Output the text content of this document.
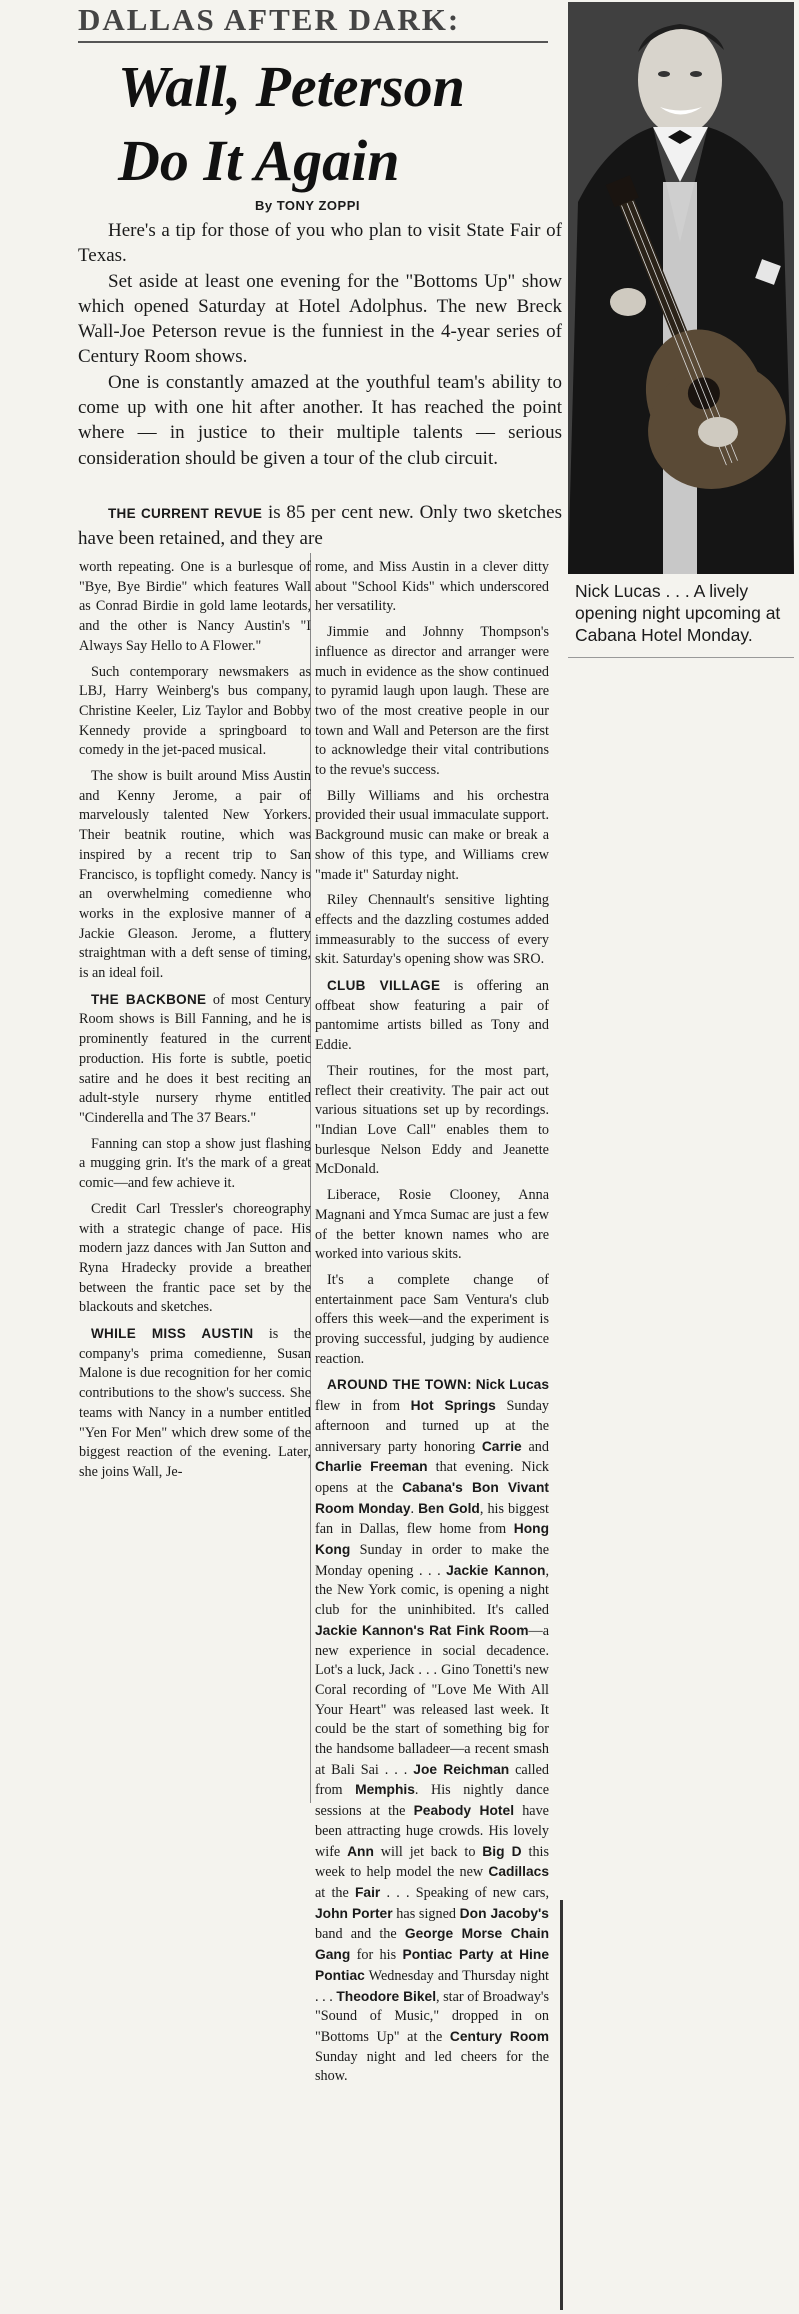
DALLAS AFTER DARK:
Wall, Peterson
Do It Again
By TONY ZOPPI

Here's a tip for those of you who plan to visit State Fair of Texas.

Set aside at least one evening for the "Bottoms Up" show which opened Saturday at Hotel Adolphus. The new Breck Wall-Joe Peterson revue is the funniest in the 4-year series of Century Room shows.

One is constantly amazed at the youthful team's ability to come up with one hit after another. It has reached the point where — in justice to their multiple talents — serious consideration should be given a tour of the club circuit.

THE CURRENT REVUE is 85 per cent new. Only two sketches have been retained, and they are

Nick Lucas . . . A lively opening night upcoming at Cabana Hotel Monday.

worth repeating. One is a burlesque of "Bye, Bye Birdie" which features Wall as Conrad Birdie in gold lame leotards, and the other is Nancy Austin's "I Always Say Hello to A Flower."

Such contemporary newsmakers as LBJ, Harry Weinberg's bus company, Christine Keeler, Liz Taylor and Bobby Kennedy provide a springboard to comedy in the jet-paced musical.

The show is built around Miss Austin and Kenny Jerome, a pair of marvelously talented New Yorkers. Their beatnik routine, which was inspired by a recent trip to San Francisco, is topflight comedy. Nancy is an overwhelming comedienne who works in the explosive manner of a Jackie Gleason. Jerome, a fluttery straightman with a deft sense of timing, is an ideal foil.

THE BACKBONE of most Century Room shows is Bill Fanning, and he is prominently featured in the current production. His forte is subtle, poetic satire and he does it best reciting an adult-style nursery rhyme entitled "Cinderella and The 37 Bears."

Fanning can stop a show just flashing a mugging grin. It's the mark of a great comic—and few achieve it.

Credit Carl Tressler's choreography with a strategic change of pace. His modern jazz dances with Jan Sutton and Ryna Hradecky provide a breather between the frantic pace set by the blackouts and sketches.

WHILE MISS AUSTIN is the company's prima comedienne, Susan Malone is due recognition for her comic contributions to the show's success. She teams with Nancy in a number entitled "Yen For Men" which drew some of the biggest reaction of the evening. Later, she joins Wall, Je-

rome, and Miss Austin in a clever ditty about "School Kids" which underscored her versatility.

Jimmie and Johnny Thompson's influence as director and arranger were much in evidence as the show continued to pyramid laugh upon laugh. These are two of the most creative people in our town and Wall and Peterson are the first to acknowledge their vital contributions to the revue's success.

Billy Williams and his orchestra provided their usual immaculate support. Background music can make or break a show of this type, and Williams crew "made it" Saturday night.

Riley Chennault's sensitive lighting effects and the dazzling costumes added immeasurably to the success of every skit. Saturday's opening show was SRO.

CLUB VILLAGE is offering an offbeat show featuring a pair of pantomime artists billed as Tony and Eddie.

Their routines, for the most part, reflect their creativity. The pair act out various situations set up by recordings. "Indian Love Call" enables them to burlesque Nelson Eddy and Jeanette McDonald.

Liberace, Rosie Clooney, Anna Magnani and Ymca Sumac are just a few of the better known names who are worked into various skits.

It's a complete change of entertainment pace Sam Ventura's club offers this week—and the experiment is proving successful, judging by audience reaction.

AROUND THE TOWN: Nick Lucas flew in from Hot Springs Sunday afternoon and turned up at the anniversary party honoring Carrie and Charlie Freeman that evening. Nick opens at the Cabana's Bon Vivant Room Monday. Ben Gold, his biggest fan in Dallas, flew home from Hong Kong Sunday in order to make the Monday opening . . . Jackie Kannon, the New York comic, is opening a night club for the uninhibited. It's called Jackie Kannon's Rat Fink Room—a new experience in social decadence. Lot's a luck, Jack . . . Gino Tonetti's new Coral recording of "Love Me With All Your Heart" was released last week. It could be the start of something big for the handsome balladeer—a recent smash at Bali Sai . . . Joe Reichman called from Memphis. His nightly dance sessions at the Peabody Hotel have been attracting huge crowds. His lovely wife Ann will jet back to Big D this week to help model the new Cadillacs at the Fair . . . Speaking of new cars, John Porter has signed Don Jacoby's band and the George Morse Chain Gang for his Pontiac Party at Hine Pontiac Wednesday and Thursday night . . . Theodore Bikel, star of Broadway's "Sound of Music," dropped in on "Bottoms Up" at the Century Room Sunday night and led cheers for the show.
